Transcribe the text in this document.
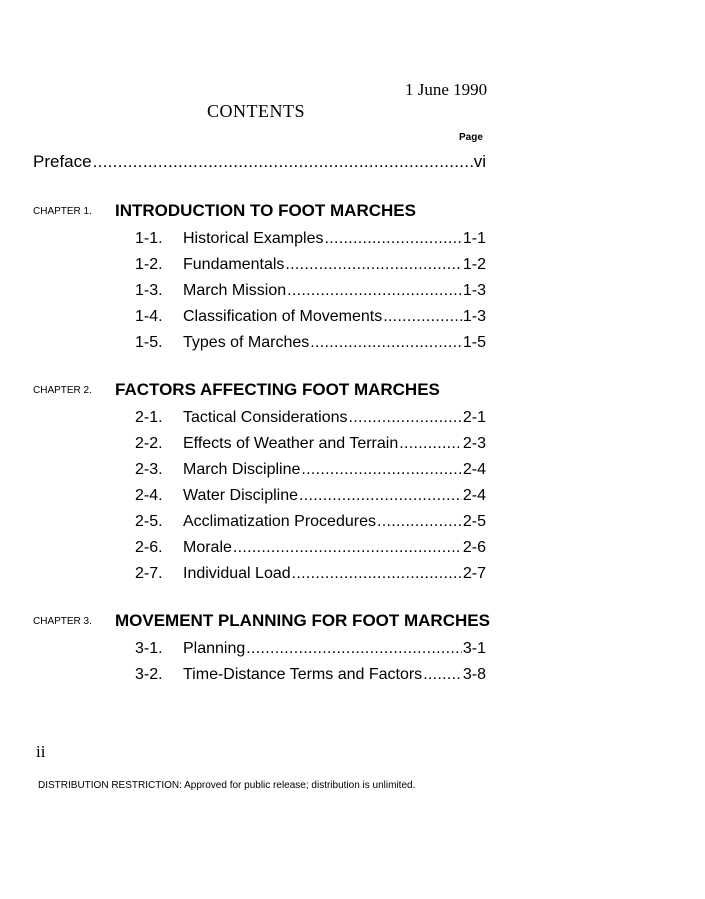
1 June 1990
CONTENTS
Page
Preface .....	vi
CHAPTER 1. INTRODUCTION TO FOOT MARCHES
1-1. Historical Examples .....	1-1
1-2. Fundamentals .....	1-2
1-3. March Mission .....	1-3
1-4. Classification of Movements .....	1-3
1-5. Types of Marches .....	1-5
CHAPTER 2. FACTORS AFFECTING FOOT MARCHES
2-1. Tactical Considerations .....	2-1
2-2. Effects of Weather and Terrain .....	2-3
2-3. March Discipline .....	2-4
2-4. Water Discipline .....	2-4
2-5. Acclimatization Procedures .....	2-5
2-6. Morale .....	2-6
2-7. Individual Load .....	2-7
CHAPTER 3. MOVEMENT PLANNING FOR FOOT MARCHES
3-1. Planning .....	3-1
3-2. Time-Distance Terms and Factors .....	3-8
ii
DISTRIBUTION RESTRICTION: Approved for public release; distribution is unlimited.
